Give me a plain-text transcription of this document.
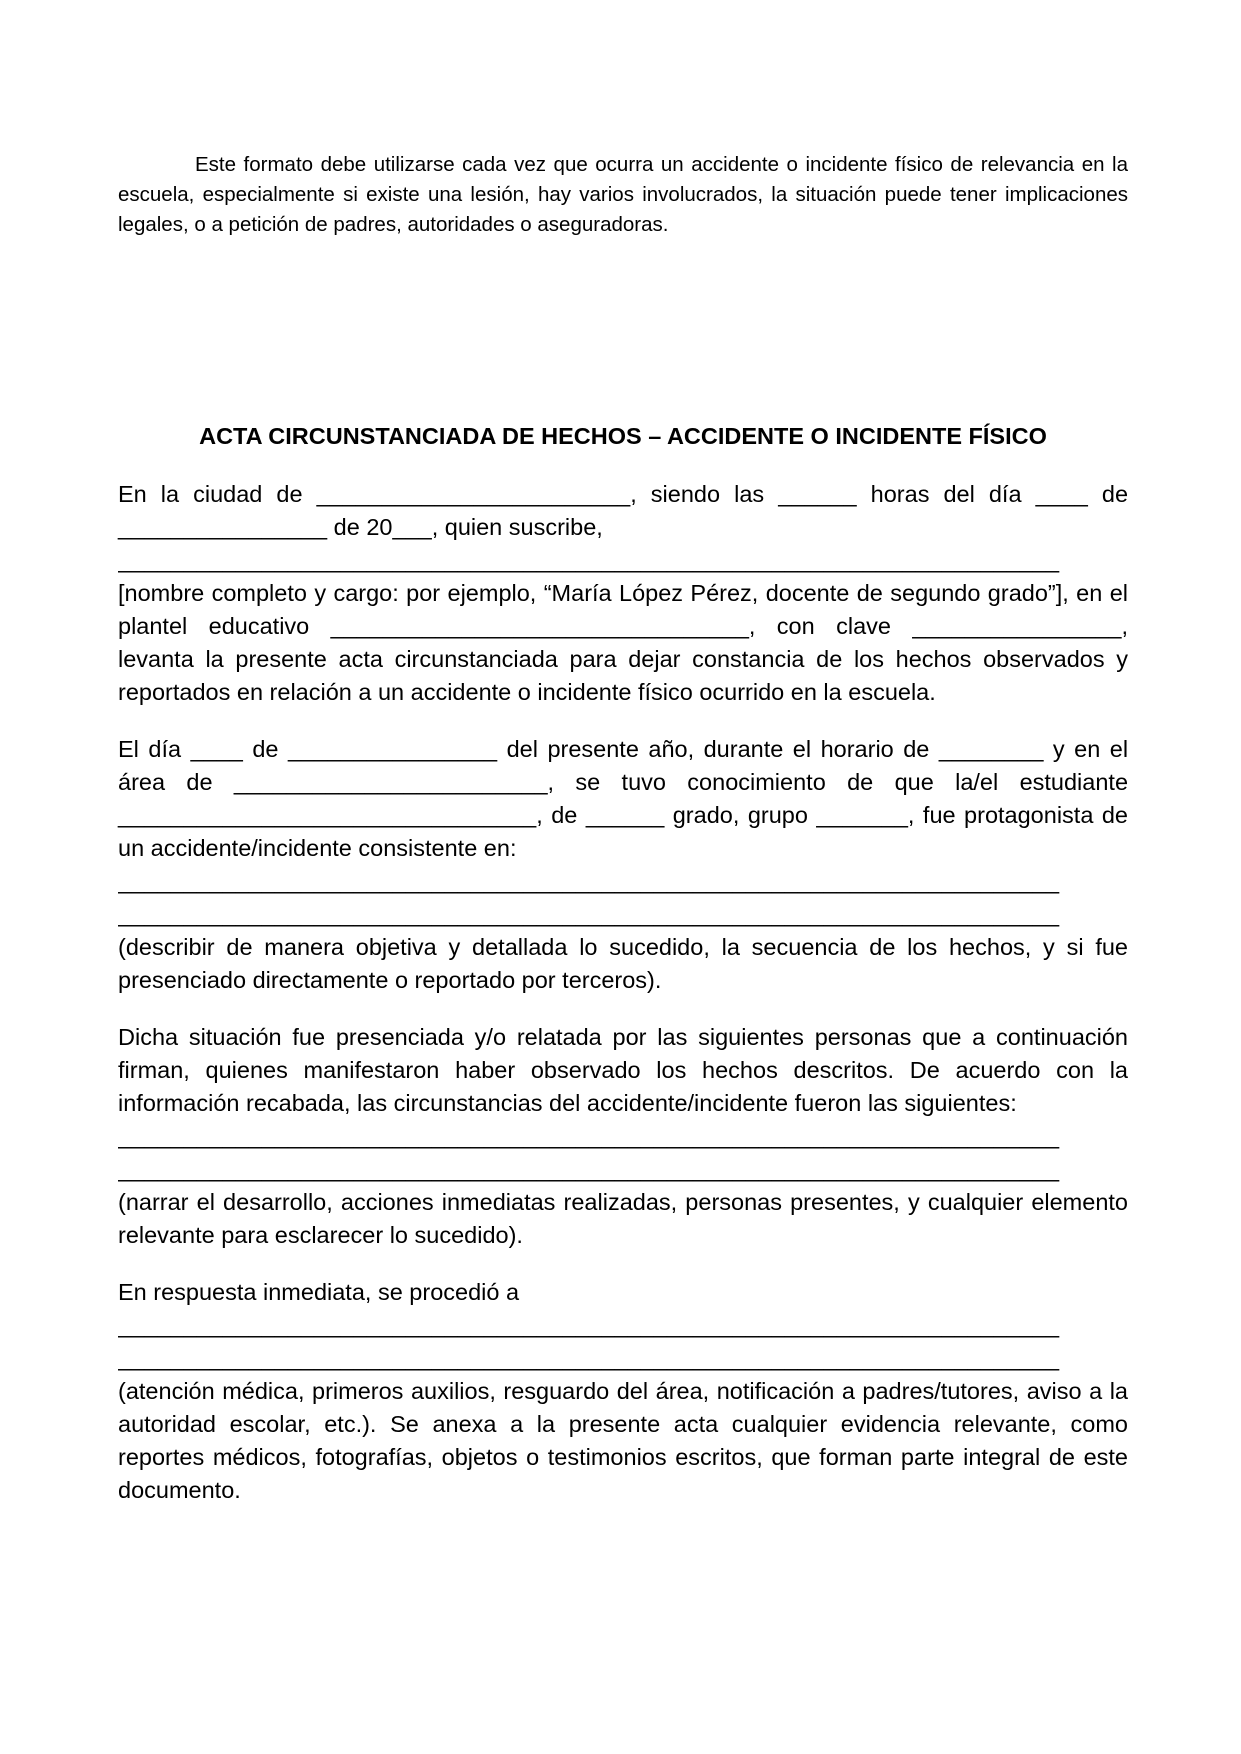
Este formato debe utilizarse cada vez que ocurra un accidente o incidente físico de relevancia en la escuela, especialmente si existe una lesión, hay varios involucrados, la situación puede tener implicaciones legales, o a petición de padres, autoridades o aseguradoras.

ACTA CIRCUNSTANCIADA DE HECHOS – ACCIDENTE O INCIDENTE FÍSICO

En la ciudad de ________________________, siendo las ______ horas del día ____ de ________________ de 20___, quien suscribe,
________________________________________________________________________
[nombre completo y cargo: por ejemplo, “María López Pérez, docente de segundo grado”], en el plantel educativo ________________________________, con clave ________________, levanta la presente acta circunstanciada para dejar constancia de los hechos observados y reportados en relación a un accidente o incidente físico ocurrido en la escuela.

El día ____ de ________________ del presente año, durante el horario de ________ y en el área de ________________________, se tuvo conocimiento de que la/el estudiante ________________________________, de ______ grado, grupo _______, fue protagonista de un accidente/incidente consistente en:
________________________________________________________________________
________________________________________________________________________
(describir de manera objetiva y detallada lo sucedido, la secuencia de los hechos, y si fue presenciado directamente o reportado por terceros).

Dicha situación fue presenciada y/o relatada por las siguientes personas que a continuación firman, quienes manifestaron haber observado los hechos descritos. De acuerdo con la información recabada, las circunstancias del accidente/incidente fueron las siguientes:
________________________________________________________________________
________________________________________________________________________
(narrar el desarrollo, acciones inmediatas realizadas, personas presentes, y cualquier elemento relevante para esclarecer lo sucedido).

En respuesta inmediata, se procedió a
________________________________________________________________________
________________________________________________________________________
(atención médica, primeros auxilios, resguardo del área, notificación a padres/tutores, aviso a la autoridad escolar, etc.). Se anexa a la presente acta cualquier evidencia relevante, como reportes médicos, fotografías, objetos o testimonios escritos, que forman parte integral de este documento.
